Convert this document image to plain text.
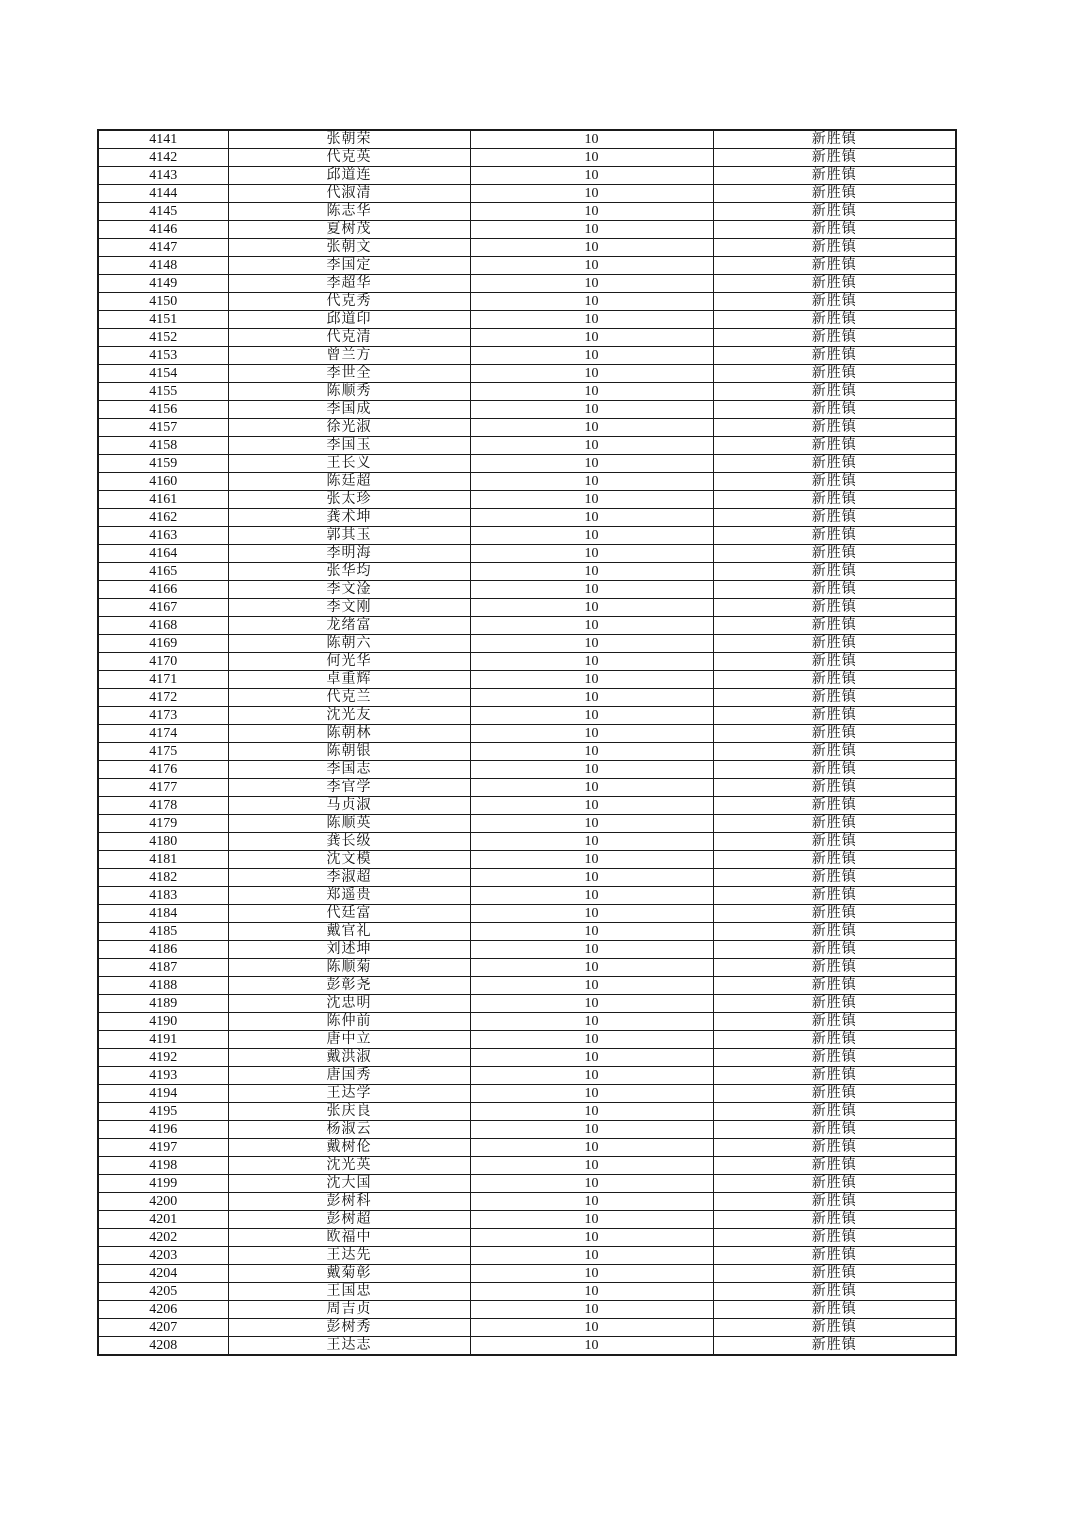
4141	张朝荣	10	新胜镇
4142	代克英	10	新胜镇
4143	邱道连	10	新胜镇
4144	代淑清	10	新胜镇
4145	陈志华	10	新胜镇
4146	夏树茂	10	新胜镇
4147	张朝文	10	新胜镇
4148	李国定	10	新胜镇
4149	李超华	10	新胜镇
4150	代克秀	10	新胜镇
4151	邱道印	10	新胜镇
4152	代克清	10	新胜镇
4153	曾兰方	10	新胜镇
4154	李世全	10	新胜镇
4155	陈顺秀	10	新胜镇
4156	李国成	10	新胜镇
4157	徐光淑	10	新胜镇
4158	李国玉	10	新胜镇
4159	王长义	10	新胜镇
4160	陈廷超	10	新胜镇
4161	张太珍	10	新胜镇
4162	龚术坤	10	新胜镇
4163	郭其玉	10	新胜镇
4164	李明海	10	新胜镇
4165	张华均	10	新胜镇
4166	李文淦	10	新胜镇
4167	李文刚	10	新胜镇
4168	龙绪富	10	新胜镇
4169	陈朝六	10	新胜镇
4170	何光华	10	新胜镇
4171	卓重辉	10	新胜镇
4172	代克兰	10	新胜镇
4173	沈光友	10	新胜镇
4174	陈朝林	10	新胜镇
4175	陈朝银	10	新胜镇
4176	李国志	10	新胜镇
4177	李官学	10	新胜镇
4178	马贞淑	10	新胜镇
4179	陈顺英	10	新胜镇
4180	龚长级	10	新胜镇
4181	沈文模	10	新胜镇
4182	李淑超	10	新胜镇
4183	郑遥贵	10	新胜镇
4184	代廷富	10	新胜镇
4185	戴官礼	10	新胜镇
4186	刘述坤	10	新胜镇
4187	陈顺菊	10	新胜镇
4188	彭彰尧	10	新胜镇
4189	沈忠明	10	新胜镇
4190	陈仲前	10	新胜镇
4191	唐中立	10	新胜镇
4192	戴洪淑	10	新胜镇
4193	唐国秀	10	新胜镇
4194	王达学	10	新胜镇
4195	张庆良	10	新胜镇
4196	杨淑云	10	新胜镇
4197	戴树伦	10	新胜镇
4198	沈光英	10	新胜镇
4199	沈大国	10	新胜镇
4200	彭树科	10	新胜镇
4201	彭树超	10	新胜镇
4202	欧福中	10	新胜镇
4203	王达先	10	新胜镇
4204	戴菊彰	10	新胜镇
4205	王国忠	10	新胜镇
4206	周吉贞	10	新胜镇
4207	彭树秀	10	新胜镇
4208	王达志	10	新胜镇
